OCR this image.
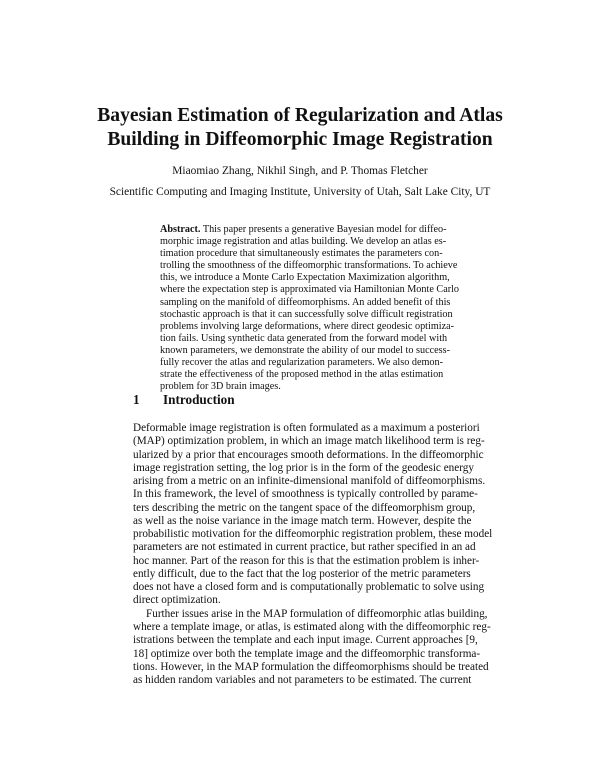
Bayesian Estimation of Regularization and Atlas
Building in Diffeomorphic Image Registration

Miaomiao Zhang, Nikhil Singh, and P. Thomas Fletcher

Scientific Computing and Imaging Institute, University of Utah, Salt Lake City, UT

Abstract. This paper presents a generative Bayesian model for diffeo-
morphic image registration and atlas building. We develop an atlas es-
timation procedure that simultaneously estimates the parameters con-
trolling the smoothness of the diffeomorphic transformations. To achieve
this, we introduce a Monte Carlo Expectation Maximization algorithm,
where the expectation step is approximated via Hamiltonian Monte Carlo
sampling on the manifold of diffeomorphisms. An added benefit of this
stochastic approach is that it can successfully solve difficult registration
problems involving large deformations, where direct geodesic optimiza-
tion fails. Using synthetic data generated from the forward model with
known parameters, we demonstrate the ability of our model to success-
fully recover the atlas and regularization parameters. We also demon-
strate the effectiveness of the proposed method in the atlas estimation
problem for 3D brain images.
1 Introduction
Deformable image registration is often formulated as a maximum a posteriori
(MAP) optimization problem, in which an image match likelihood term is reg-
ularized by a prior that encourages smooth deformations. In the diffeomorphic
image registration setting, the log prior is in the form of the geodesic energy
arising from a metric on an infinite-dimensional manifold of diffeomorphisms.
In this framework, the level of smoothness is typically controlled by parame-
ters describing the metric on the tangent space of the diffeomorphism group,
as well as the noise variance in the image match term. However, despite the
probabilistic motivation for the diffeomorphic registration problem, these model
parameters are not estimated in current practice, but rather specified in an ad
hoc manner. Part of the reason for this is that the estimation problem is inher-
ently difficult, due to the fact that the log posterior of the metric parameters
does not have a closed form and is computationally problematic to solve using
direct optimization.
Further issues arise in the MAP formulation of diffeomorphic atlas building,
where a template image, or atlas, is estimated along with the diffeomorphic reg-
istrations between the template and each input image. Current approaches [9,
18] optimize over both the template image and the diffeomorphic transforma-
tions. However, in the MAP formulation the diffeomorphisms should be treated
as hidden random variables and not parameters to be estimated. The current
